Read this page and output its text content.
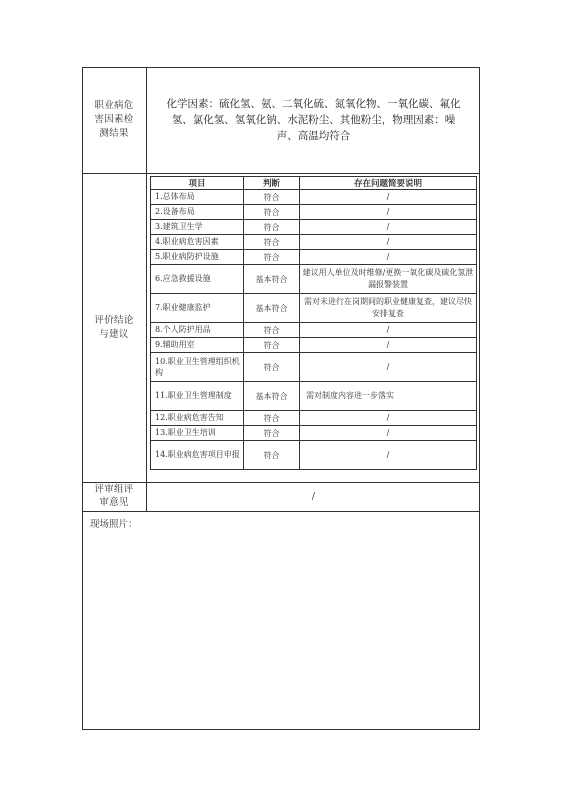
职业病危
害因素检
测结果
化学因素：硫化氢、氨、二氧化硫、氮氧化物、一氧化碳、氟化
氢、氯化氢、氢氧化钠、水泥粉尘、其他粉尘，物理因素：噪
声、高温均符合
评价结论
与建议
项目	判断	存在问题简要说明
1.总体布局	符合	/
2.设备布局	符合	/
3.建筑卫生学	符合	/
4.职业病危害因素	符合	/
5.职业病防护设施	符合	/
6.应急救援设施	基本符合	建议用人单位及时维修/更换一氧化碳及硫化氢泄漏报警装置
7.职业健康监护	基本符合	需对未进行在岗期间的职业健康复查，建议尽快安排复查
8.个人防护用品	符合	/
9.辅助用室	符合	/
10.职业卫生管理组织机构	符合	/
11.职业卫生管理制度	基本符合	需对制度内容进一步落实
12.职业病危害告知	符合	/
13.职业卫生培训	符合	/
14.职业病危害项目申报	符合	/
评审组评
审意见
/
现场照片：
